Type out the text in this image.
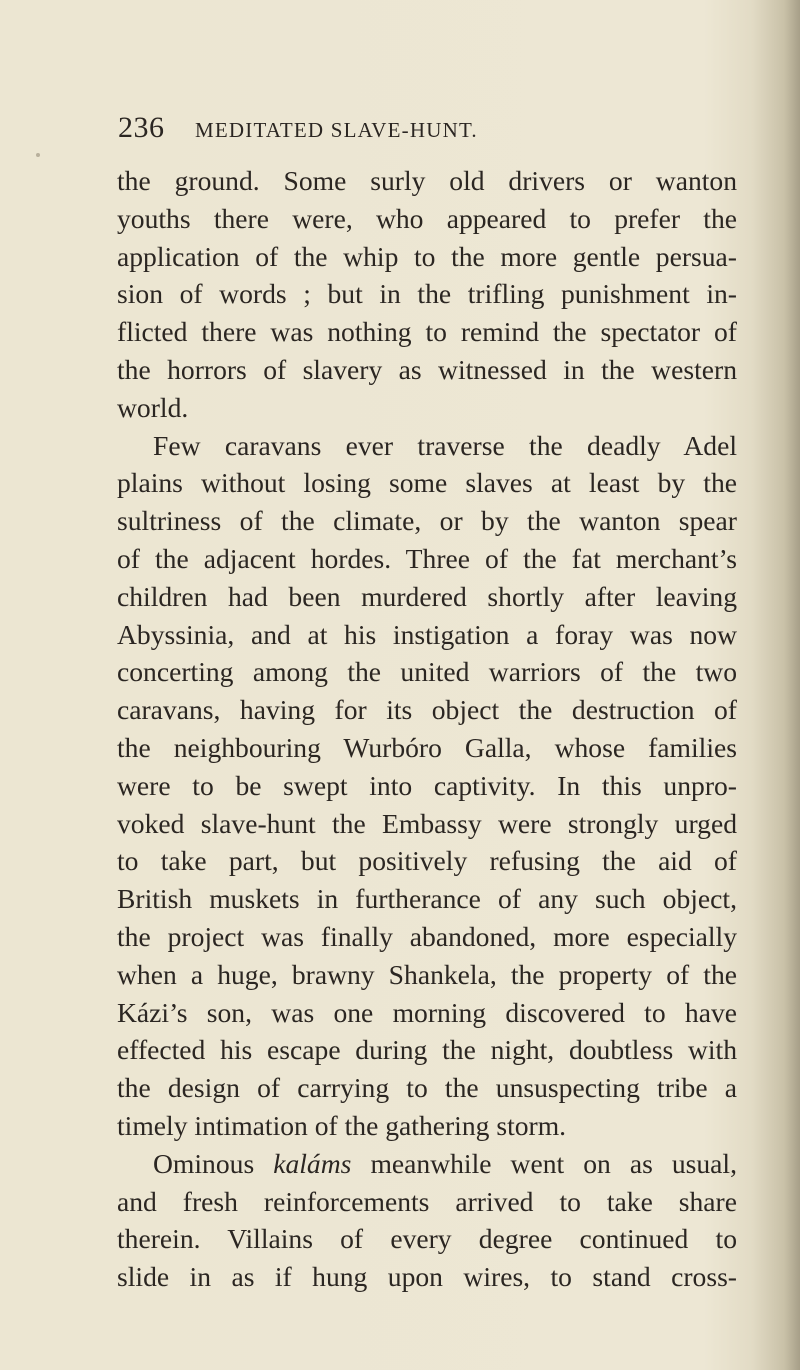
236 MEDITATED SLAVE-HUNT.
the ground. Some surly old drivers or wanton
youths there were, who appeared to prefer the
application of the whip to the more gentle persua-
sion of words ; but in the trifling punishment in-
flicted there was nothing to remind the spectator of
the horrors of slavery as witnessed in the western
world.
Few caravans ever traverse the deadly Adel
plains without losing some slaves at least by the
sultriness of the climate, or by the wanton spear
of the adjacent hordes. Three of the fat merchant’s
children had been murdered shortly after leaving
Abyssinia, and at his instigation a foray was now
concerting among the united warriors of the two
caravans, having for its object the destruction of
the neighbouring Wurbóro Galla, whose families
were to be swept into captivity. In this unpro-
voked slave-hunt the Embassy were strongly urged
to take part, but positively refusing the aid of
British muskets in furtherance of any such object,
the project was finally abandoned, more especially
when a huge, brawny Shankela, the property of the
Kázi’s son, was one morning discovered to have
effected his escape during the night, doubtless with
the design of carrying to the unsuspecting tribe a
timely intimation of the gathering storm.
Ominous kaláms meanwhile went on as usual,
and fresh reinforcements arrived to take share
therein. Villains of every degree continued to
slide in as if hung upon wires, to stand cross-
